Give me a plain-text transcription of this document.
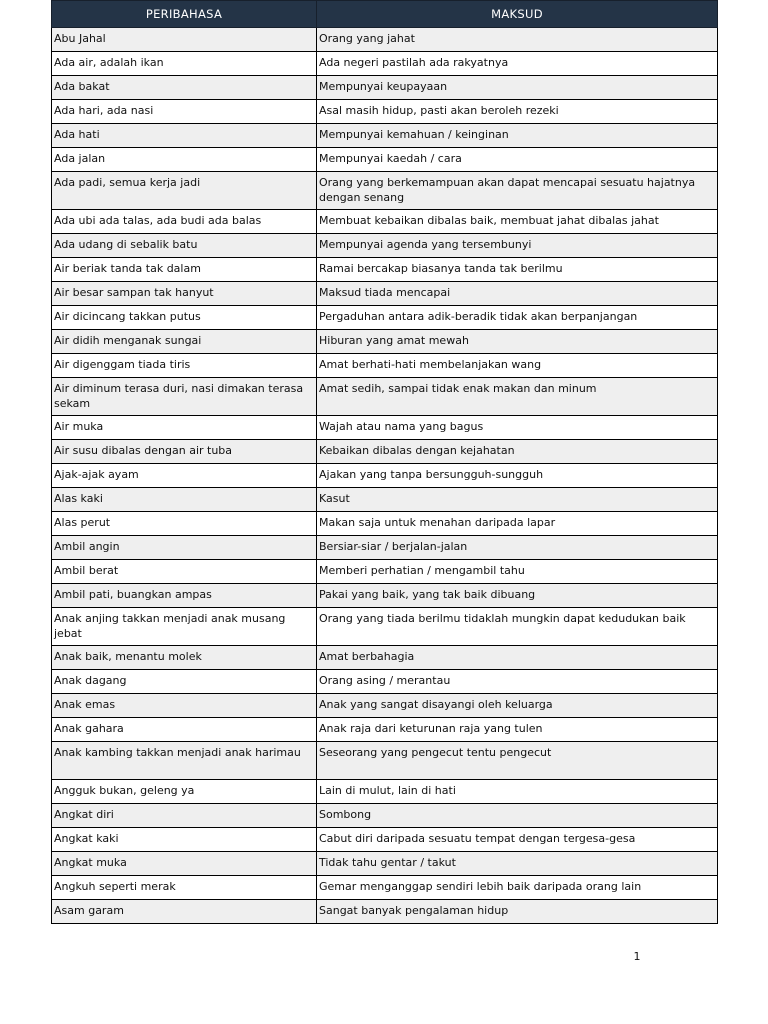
PERIBAHASA	MAKSUD
Abu Jahal	Orang yang jahat
Ada air, adalah ikan	Ada negeri pastilah ada rakyatnya
Ada bakat	Mempunyai keupayaan
Ada hari, ada nasi	Asal masih hidup, pasti akan beroleh rezeki
Ada hati	Mempunyai kemahuan / keinginan
Ada jalan	Mempunyai kaedah / cara
Ada padi, semua kerja jadi	Orang yang berkemampuan akan dapat mencapai sesuatu hajatnya dengan senang
Ada ubi ada talas, ada budi ada balas	Membuat kebaikan dibalas baik, membuat jahat dibalas jahat
Ada udang di sebalik batu	Mempunyai agenda yang tersembunyi
Air beriak tanda tak dalam	Ramai bercakap biasanya tanda tak berilmu
Air besar sampan tak hanyut	Maksud tiada mencapai
Air dicincang takkan putus	Pergaduhan antara adik-beradik tidak akan berpanjangan
Air didih menganak sungai	Hiburan yang amat mewah
Air digenggam tiada tiris	Amat berhati-hati membelanjakan wang
Air diminum terasa duri, nasi dimakan terasa sekam	Amat sedih, sampai tidak enak makan dan minum
Air muka	Wajah atau nama yang bagus
Air susu dibalas dengan air tuba	Kebaikan dibalas dengan kejahatan
Ajak-ajak ayam	Ajakan yang tanpa bersungguh-sungguh
Alas kaki	Kasut
Alas perut	Makan saja untuk menahan daripada lapar
Ambil angin	Bersiar-siar / berjalan-jalan
Ambil berat	Memberi perhatian / mengambil tahu
Ambil pati, buangkan ampas	Pakai yang baik, yang tak baik dibuang
Anak anjing takkan menjadi anak musang jebat	Orang yang tiada berilmu tidaklah mungkin dapat kedudukan baik
Anak baik, menantu molek	Amat berbahagia
Anak dagang	Orang asing / merantau
Anak emas	Anak yang sangat disayangi oleh keluarga
Anak gahara	Anak raja dari keturunan raja yang tulen
Anak kambing takkan menjadi anak harimau	Seseorang yang pengecut tentu pengecut
Angguk bukan, geleng ya	Lain di mulut, lain di hati
Angkat diri	Sombong
Angkat kaki	Cabut diri daripada sesuatu tempat dengan tergesa-gesa
Angkat muka	Tidak tahu gentar / takut
Angkuh seperti merak	Gemar menganggap sendiri lebih baik daripada orang lain
Asam garam	Sangat banyak pengalaman hidup
1
